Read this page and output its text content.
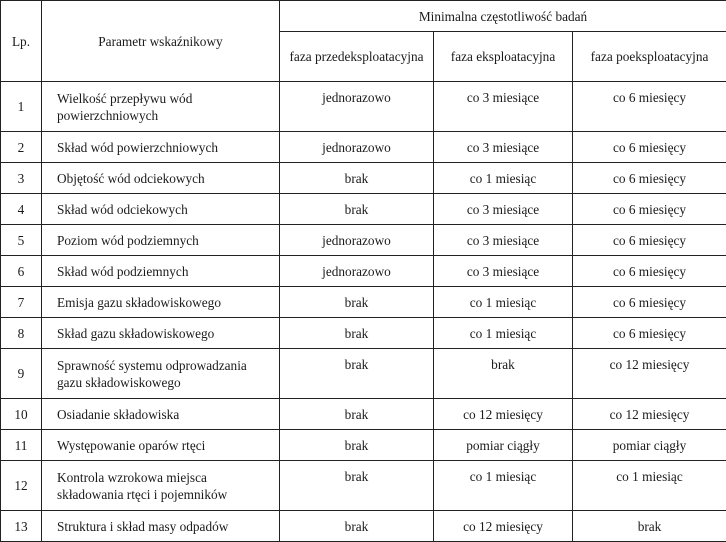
Lp.	Parametr wskaźnikowy	Minimalna częstotliwość badań		
		faza przedeksploatacyjna	faza eksploatacyjna	faza poeksploatacyjna
1	Wielkość przepływu wód powierzchniowych	jednorazowo	co 3 miesiące	co 6 miesięcy
2	Skład wód powierzchniowych	jednorazowo	co 3 miesiące	co 6 miesięcy
3	Objętość wód odciekowych	brak	co 1 miesiąc	co 6 miesięcy
4	Skład wód odciekowych	brak	co 3 miesiące	co 6 miesięcy
5	Poziom wód podziemnych	jednorazowo	co 3 miesiące	co 6 miesięcy
6	Skład wód podziemnych	jednorazowo	co 3 miesiące	co 6 miesięcy
7	Emisja gazu składowiskowego	brak	co 1 miesiąc	co 6 miesięcy
8	Skład gazu składowiskowego	brak	co 1 miesiąc	co 6 miesięcy
9	Sprawność systemu odprowadzania gazu składowiskowego	brak	brak	co 12 miesięcy
10	Osiadanie składowiska	brak	co 12 miesięcy	co 12 miesięcy
11	Występowanie oparów rtęci	brak	pomiar ciągły	pomiar ciągły
12	Kontrola wzrokowa miejsca składowania rtęci i pojemników	brak	co 1 miesiąc	co 1 miesiąc
13	Struktura i skład masy odpadów	brak	co 12 miesięcy	brak
